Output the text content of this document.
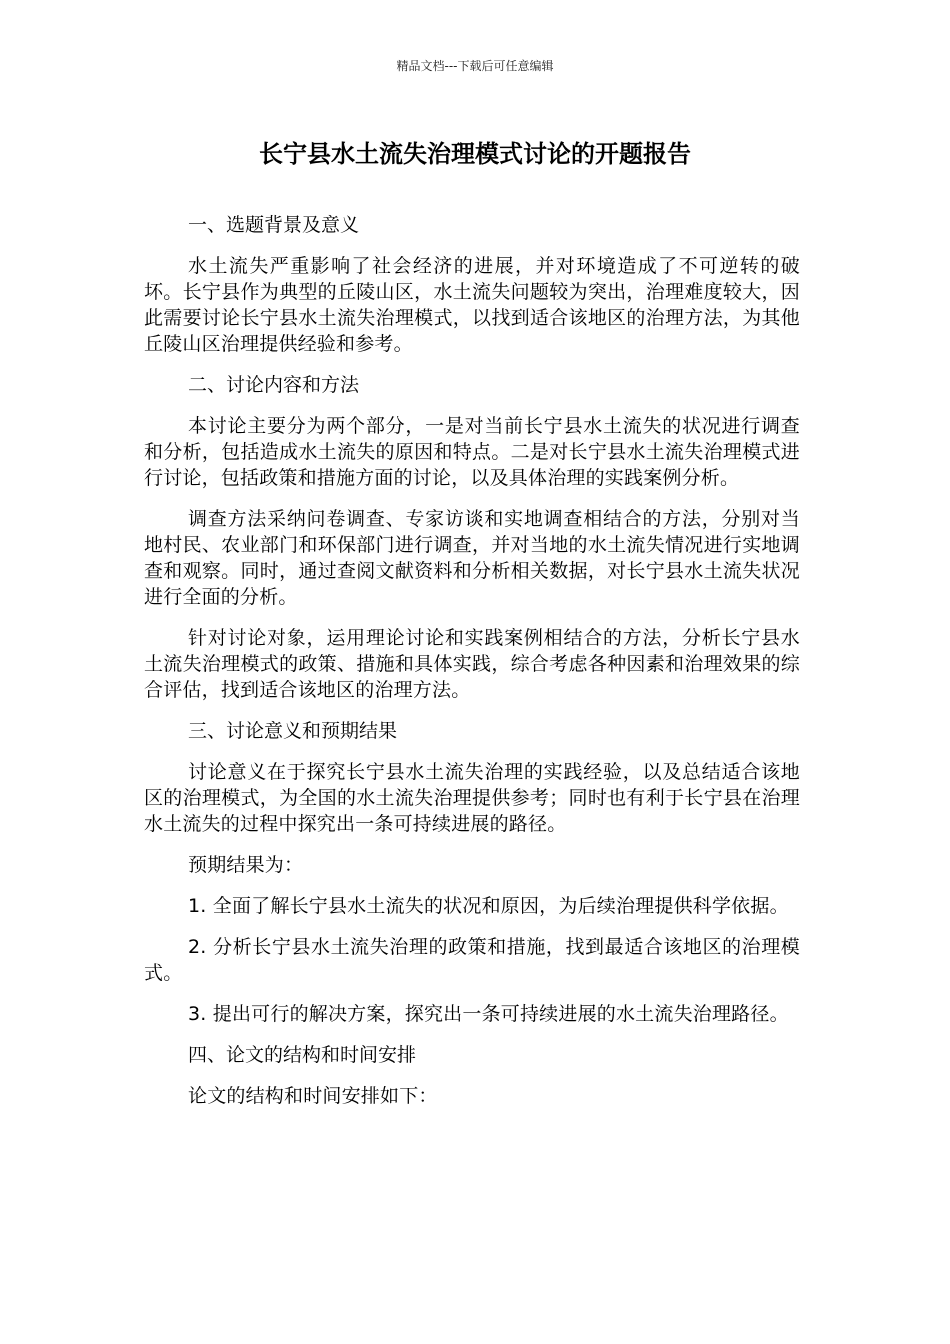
精品文档---下载后可任意编辑
长宁县水土流失治理模式讨论的开题报告

一、选题背景及意义

水土流失严重影响了社会经济的进展，并对环境造成了不可逆转的破坏。长宁县作为典型的丘陵山区，水土流失问题较为突出，治理难度较大，因此需要讨论长宁县水土流失治理模式，以找到适合该地区的治理方法，为其他丘陵山区治理提供经验和参考。

二、讨论内容和方法

本讨论主要分为两个部分，一是对当前长宁县水土流失的状况进行调查和分析，包括造成水土流失的原因和特点。二是对长宁县水土流失治理模式进行讨论，包括政策和措施方面的讨论，以及具体治理的实践案例分析。

调查方法采纳问卷调查、专家访谈和实地调查相结合的方法，分别对当地村民、农业部门和环保部门进行调查，并对当地的水土流失情况进行实地调查和观察。同时，通过查阅文献资料和分析相关数据，对长宁县水土流失状况进行全面的分析。

针对讨论对象，运用理论讨论和实践案例相结合的方法，分析长宁县水土流失治理模式的政策、措施和具体实践，综合考虑各种因素和治理效果的综合评估，找到适合该地区的治理方法。

三、讨论意义和预期结果

讨论意义在于探究长宁县水土流失治理的实践经验，以及总结适合该地区的治理模式，为全国的水土流失治理提供参考；同时也有利于长宁县在治理水土流失的过程中探究出一条可持续进展的路径。

预期结果为：

1. 全面了解长宁县水土流失的状况和原因，为后续治理提供科学依据。

2. 分析长宁县水土流失治理的政策和措施，找到最适合该地区的治理模式。

3. 提出可行的解决方案，探究出一条可持续进展的水土流失治理路径。

四、论文的结构和时间安排

论文的结构和时间安排如下：
